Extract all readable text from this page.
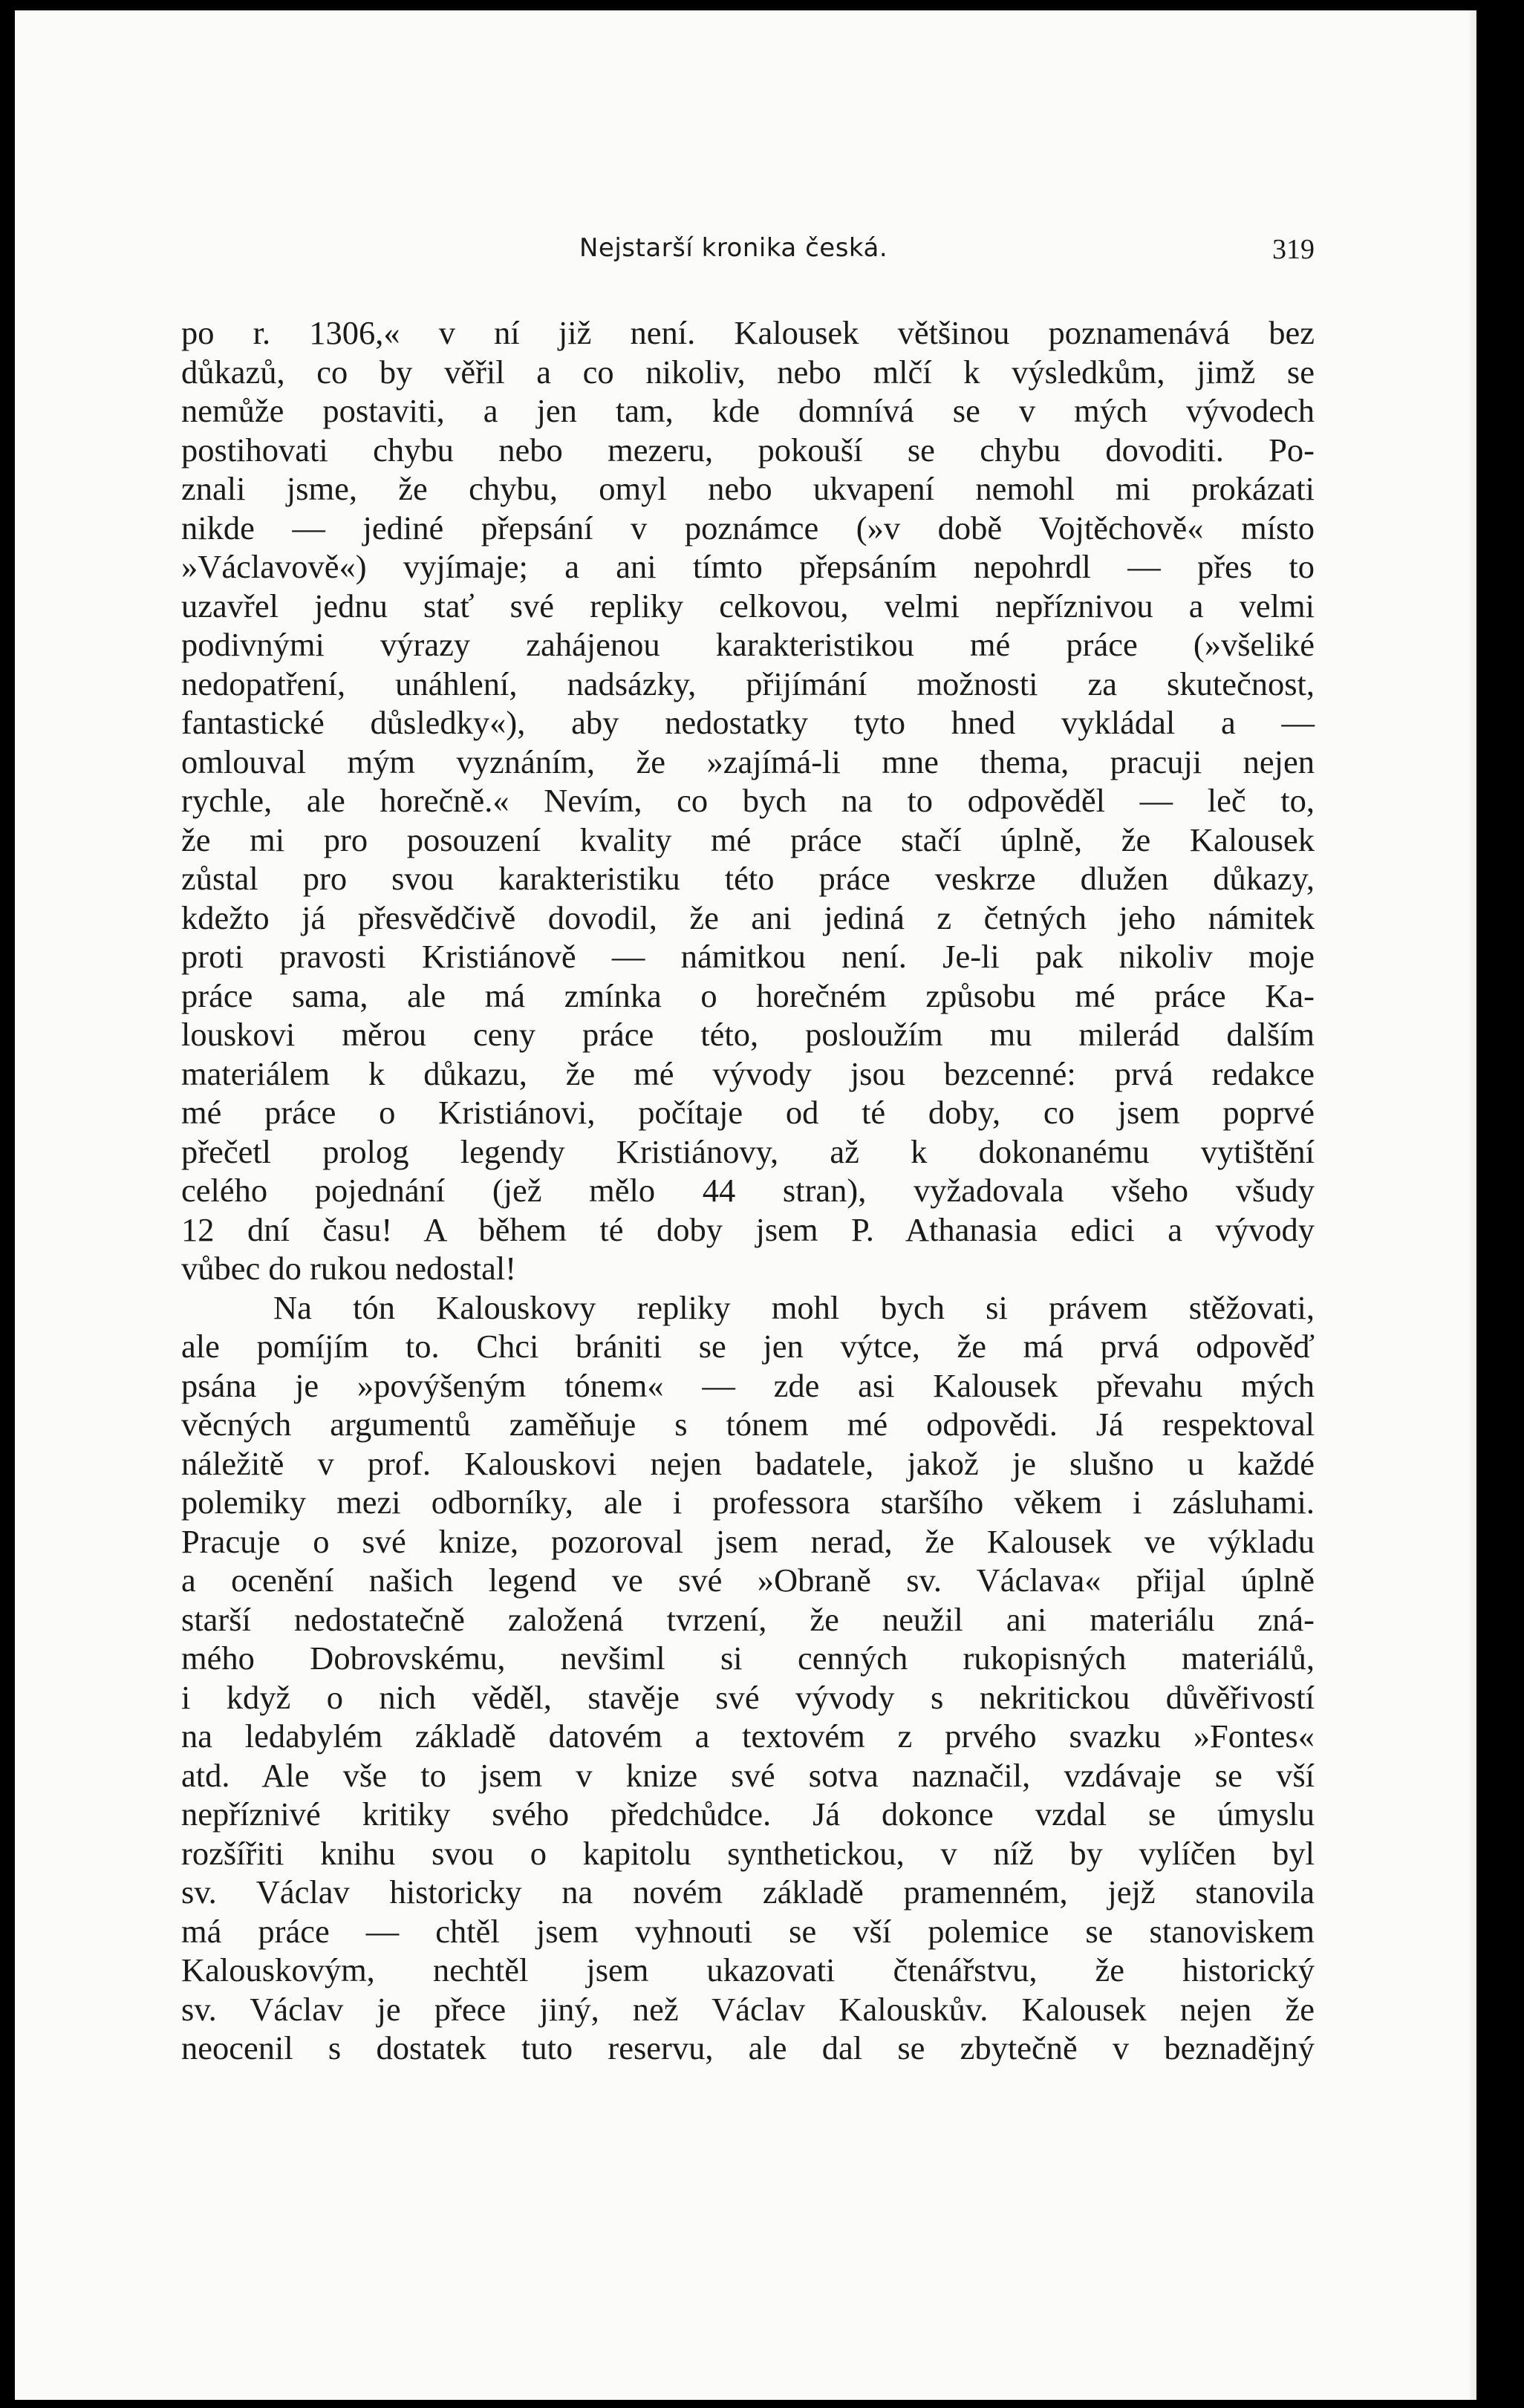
Nejstarší kronika česká.	319
po r. 1306,« v ní již není. Kalousek většinou poznamenává bez
důkazů, co by věřil a co nikoliv, nebo mlčí k výsledkům, jimž se
nemůže postaviti, a jen tam, kde domnívá se v mých vývodech
postihovati chybu nebo mezeru, pokouší se chybu dovoditi. Po-
znali jsme, že chybu, omyl nebo ukvapení nemohl mi prokázati
nikde — jediné přepsání v poznámce (»v době Vojtěchově« místo
»Václavově«) vyjímaje; a ani tímto přepsáním nepohrdl — přes to
uzavřel jednu stať své repliky celkovou, velmi nepříznivou a velmi
podivnými výrazy zahájenou karakteristikou mé práce (»všeliké
nedopatření, unáhlení, nadsázky, přijímání možnosti za skutečnost,
fantastické důsledky«), aby nedostatky tyto hned vykládal a —
omlouval mým vyznáním, že »zajímá-li mne thema, pracuji nejen
rychle, ale horečně.« Nevím, co bych na to odpověděl — leč to,
že mi pro posouzení kvality mé práce stačí úplně, že Kalousek
zůstal pro svou karakteristiku této práce veskrze dlužen důkazy,
kdežto já přesvědčivě dovodil, že ani jediná z četných jeho námitek
proti pravosti Kristiánově — námitkou není. Je-li pak nikoliv moje
práce sama, ale má zmínka o horečném způsobu mé práce Ka-
louskovi měrou ceny práce této, posloužím mu milerád dalším
materiálem k důkazu, že mé vývody jsou bezcenné: prvá redakce
mé práce o Kristiánovi, počítaje od té doby, co jsem poprvé
přečetl prolog legendy Kristiánovy, až k dokonanému vytištění
celého pojednání (jež mělo 44 stran), vyžadovala všeho všudy
12 dní času! A během té doby jsem P. Athanasia edici a vývody
vůbec do rukou nedostal!
Na tón Kalouskovy repliky mohl bych si právem stěžovati,
ale pomíjím to. Chci brániti se jen výtce, že má prvá odpověď
psána je »povýšeným tónem« — zde asi Kalousek převahu mých
věcných argumentů zaměňuje s tónem mé odpovědi. Já respektoval
náležitě v prof. Kalouskovi nejen badatele, jakož je slušno u každé
polemiky mezi odborníky, ale i professora staršího věkem i zásluhami.
Pracuje o své knize, pozoroval jsem nerad, že Kalousek ve výkladu
a ocenění našich legend ve své »Obraně sv. Václava« přijal úplně
starší nedostatečně založená tvrzení, že neužil ani materiálu zná-
mého Dobrovskému, nevšiml si cenných rukopisných materiálů,
i když o nich věděl, stavěje své vývody s nekritickou důvěřivostí
na ledabylém základě datovém a textovém z prvého svazku »Fontes«
atd. Ale vše to jsem v knize své sotva naznačil, vzdávaje se vší
nepříznivé kritiky svého předchůdce. Já dokonce vzdal se úmyslu
rozšířiti knihu svou o kapitolu synthetickou, v níž by vylíčen byl
sv. Václav historicky na novém základě pramenném, jejž stanovila
má práce — chtěl jsem vyhnouti se vší polemice se stanoviskem
Kalouskovým, nechtěl jsem ukazovati čtenářstvu, že historický
sv. Václav je přece jiný, než Václav Kalouskův. Kalousek nejen že
neocenil s dostatek tuto reservu, ale dal se zbytečně v beznadějný
